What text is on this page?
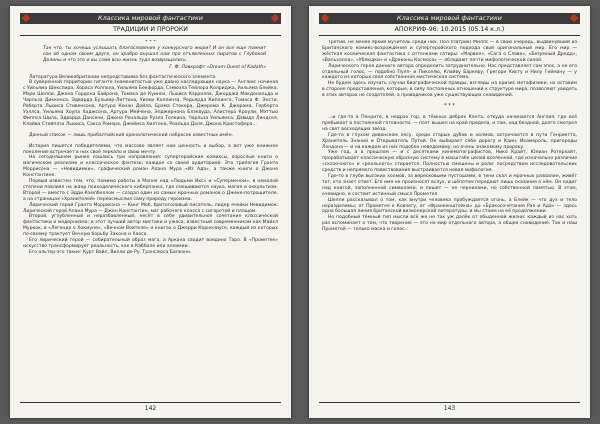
Классика мировой фантастики
ТРАДИЦИИ И ПРОРОКИ

* * *

Так что, ты хочешь услышать благословения у конкурсного жюри? И он все еще помнит сон об одном своем друге, он храбро внушал нам про отъявленных пиратов с Глубокой Долины и что это и вы сами всю жизнь туда возвращались.

Г. Ф. Лавкрафт «Dream-Quest of Kadath»

Литература Великобритании непредставима без фантастического элемента.

В суверенной территории гиганте знаменитостью уже давно наследующих наука — Англии: начиная с Уильяма Шекспира, Хораса Уолпола, Уильяма Бекфорда, Сэмюэла Тейлора Колриджа, Уильяма Блейка, Мэри Шелли, Джона Гордона Байрона, Томаса де Куинси, Льюиса Кэрролла, Джорджа Макдональда и Чарльза Диккенса, Эдварда Бульвер-Литтона, Уилки Коллинза, Редьярда Киплинга, Томаса Ф. Энсти, Роберта Льюиса Стивенсона, Артура Конан Дойла, Брэма Стокера, Джерома К. Джерома, Герберта Уэллса, Уильяма Хоупа Ходжсона, Артура Мейчена, Элджернона Блэквуда, Алистера Кроули, Мэттью Фиппса Шила, Эдварда Дансени, Джона Рональда Руэла Толкина, Чарльза Уильямса, Дэвида Линдсея, Клайва Стейплза Льюиса, Сакса Ромера, Джеймса Хилтона, Роальда Даля, Джона Кристофера...

Данный список — лишь прибалтийский хронологический набросок известных имён.

История пишется победителями, что массово являет нам ценность и выбор, а вот уже книжное поколение встречает в них своё зеркало и свою мечту.

На сегодняшнем рынке сошлись три направления: супергеройские комиксы, взрослые книги о магическом реализме и классическое фэнтези, каждое со своей аудиторией. Это трилогия Гранта Моррисона — «Невидимки», графический роман Алана Мура «Из Ада», а также книги о Джоне Константине.

Первый известен тем, что, помимо работы в Marvel над «Людьми Икс» и «Суперменом», в немалой степени повлиял на жанр психоделического киберпанка, где смешиваются наука, магия и оккультизм. Второй — вместе с Эдди Кэмпбеллом — создал один из самых мрачных романов о Джеке-потрошителе, а на страницах «Хранителей» переосмыслил саму природу героизма.

Лирический герой Гранта Моррисона — Кинг Моб, бритоголовый писатель, лидер ячейки Невидимок. Лирический герой Алана Мура — Джон Константин, маг рабочего класса с сигаретой и плащом.

Второй, углубленный и неразбавленный, несёт в себе удивительное сочетание классической фантастики и модернизма; и этот лучший автор мистики и ужаса, известный современникам как Майкл Муркок, в «Легенде о Хокмуне», «Вечном Воителе» и книгах о Джерри Корнелиусе, каждый из которых по-своему трактует Вечную борьбу Закона и Хаоса.

Его лирический герой — собирательный образ мага, а Аркана сводит воедино Таро. В «Прометее» искусство трансформирует реальность, как в Каббале или алхимии.

Его альтер-эго такие: Курт Вайл, Вилли де Ру, Транслюса Балконн.

142
Классика мировой фантастики
АПОКРИФ-96: 10.2015 (05.14 к.л.)

Третий, не менее яркий мучитель среди них, Пол (Патрик) Миллс — в свою очередь, выдвинувший из Британского комикс-возрождения и супергеройского подхода свой оригинальный мир. Его мир — жёсткая космическая фантастика с оттенками сатиры: «Марвел», «Сага о Славе», «Безумный Дредд», «Вальхалла», «Ублюдки» и «Драконы Космоса» — обладают почти мифологической силой.

Лирического героя данного автора определить затруднительно. Нас представляет сам эпос, а не его отдельный голос, — подобно Пулп- и Пикселю, Клайву Баркеру, Грегори Кисту и Нилу Гейману — у каждого из которых своя собственная мистическая система.

Не будем здесь изучать случаи биографической правды, взгляды на кризис метафизики, но оставим в стороне представления, которые, в силу постоянных отношений к структуре мира, позволяют увидеть в этих авторах не создателей, а проводников уже существующих сновидений.

* * *

...и где-то в Пенрите, в недрах гор, в тёмных дебрях Кента, откуда начинается Англия, где всё пребывает в постоянной готовности, — поэт вышел на край предела, и там, над бездной, долго смотрел на свет восходящих звёзд.

Где-то в глухом девонском лесу, среди старых дубов и холмов, встречаются в пути Генриетта, Хранитель Знаний и Открыватель Путей. Он выбирает себе дорогу и Каин, Икамероль, пригороды Лондона — и на каждом из них подобен неведомому, но очень знакомому пророку.

Уже год, а в прошлом — и с десятками кинематографистов, Нико Крайт, Юлиан Ротерхайт, прорабатывает классическую образную систему в масштабе целой вселенной, где изначально различие «сказочного» и «реального» стирается. Полностью смещены и роли: посредством исследовательских средств и непрямого повествования выстраивается новая мифология.

Где-то в глуби высоких холмов, за вересковыми пустошами, в тени скал и мрачных развалин, живёт тот, кто знает ответ. Его имя не произносят вслух, и шёпотом передают лишь сказания о нём. Он сидит над книгой, заполненной символами, и пишет — не чернилами, но собственной памятью. В этом, очевидно, и состоит истинный смысл Прометея.

Шелли рассказывал о том, как внутри человека пробуждается огонь, а Блейк — что дух и тело неразделимы; от Прометея к Ковчегу, от «Франкенштейна» до «Бракосочетания Рая и Ада» — здесь одна большая линия британской визионерской литературы, и мы стоим на её продолжении.

Но подобный тёмный тип мысли всё же не так уж далёк от обыденной жизни: каждый из нас хоть раз вспоминает о том, что творение — это не мир отдельного автора, а общее сновидение. Так и наш Прометей — только маска и голос.

143
